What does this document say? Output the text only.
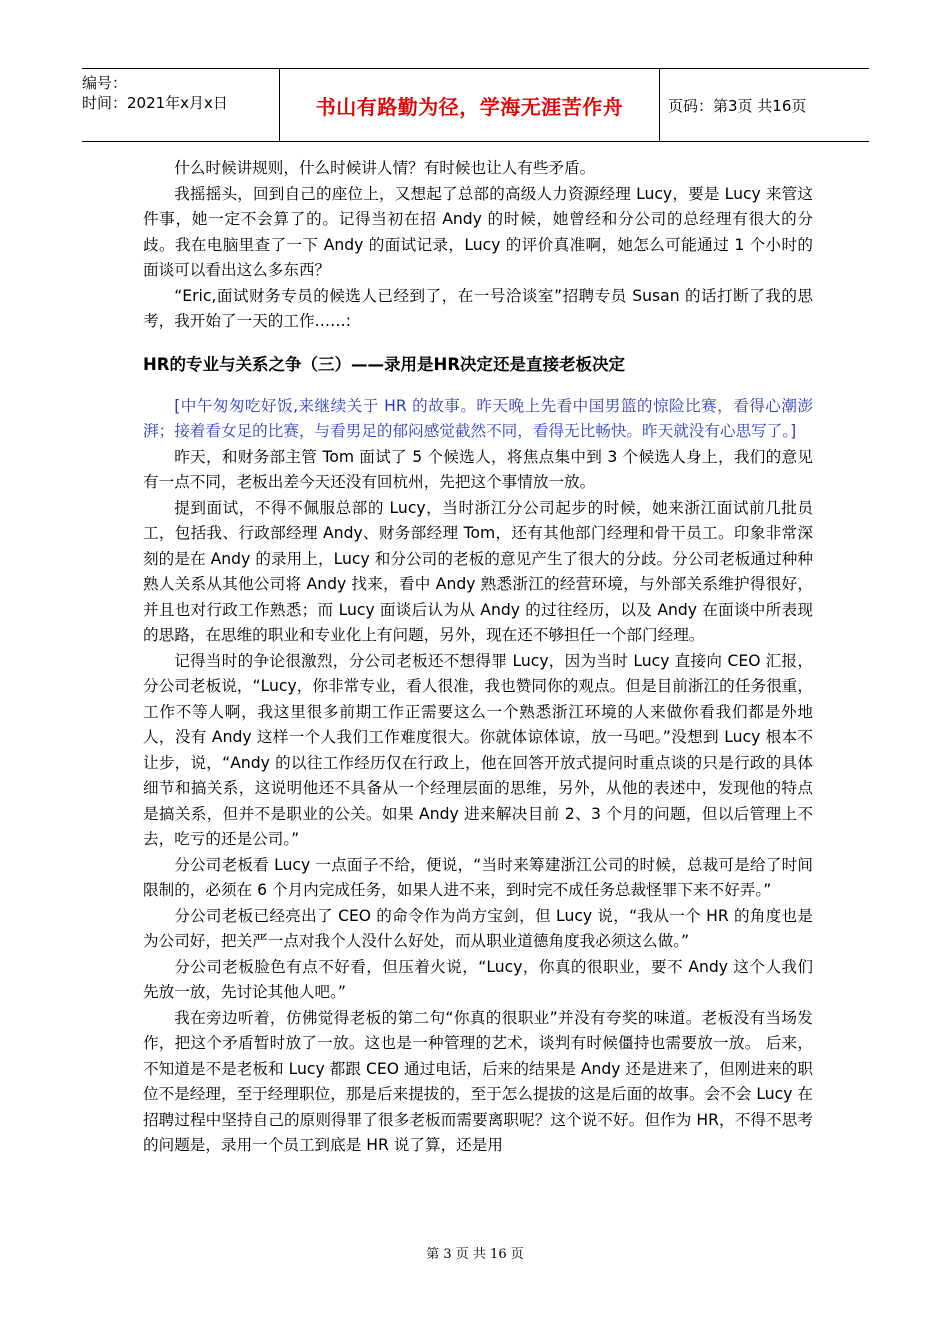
编号：
时间：2021年x月x日	书山有路勤为径，学海无涯苦作舟	页码：第3页 共16页

什么时候讲规则，什么时候讲人情？有时候也让人有些矛盾。

我摇摇头，回到自己的座位上，又想起了总部的高级人力资源经理 Lucy，要是 Lucy 来管这件事，她一定不会算了的。记得当初在招 Andy 的时候，她曾经和分公司的总经理有很大的分歧。我在电脑里查了一下 Andy 的面试记录，Lucy 的评价真准啊，她怎么可能通过 1 个小时的面谈可以看出这么多东西？

“Eric,面试财务专员的候选人已经到了，在一号洽谈室”招聘专员 Susan 的话打断了我的思考，我开始了一天的工作……:

HR的专业与关系之争（三）——录用是HR决定还是直接老板决定

[中午匆匆吃好饭,来继续关于 HR 的故事。昨天晚上先看中国男篮的惊险比赛，看得心潮澎湃；接着看女足的比赛，与看男足的郁闷感觉截然不同，看得无比畅快。昨天就没有心思写了。]

昨天，和财务部主管 Tom 面试了 5 个候选人，将焦点集中到 3 个候选人身上，我们的意见有一点不同，老板出差今天还没有回杭州，先把这个事情放一放。

提到面试，不得不佩服总部的 Lucy，当时浙江分公司起步的时候，她来浙江面试前几批员工，包括我、行政部经理 Andy、财务部经理 Tom，还有其他部门经理和骨干员工。印象非常深刻的是在 Andy 的录用上，Lucy 和分公司的老板的意见产生了很大的分歧。分公司老板通过种种熟人关系从其他公司将 Andy 找来，看中 Andy 熟悉浙江的经营环境，与外部关系维护得很好，并且也对行政工作熟悉；而 Lucy 面谈后认为从 Andy 的过往经历，以及 Andy 在面谈中所表现的思路，在思维的职业和专业化上有问题，另外，现在还不够担任一个部门经理。

记得当时的争论很激烈，分公司老板还不想得罪 Lucy，因为当时 Lucy 直接向 CEO 汇报，分公司老板说，“Lucy，你非常专业，看人很准，我也赞同你的观点。但是目前浙江的任务很重，工作不等人啊，我这里很多前期工作正需要这么一个熟悉浙江环境的人来做你看我们都是外地人，没有 Andy 这样一个人我们工作难度很大。你就体谅体谅，放一马吧。”没想到 Lucy 根本不让步，说，“Andy 的以往工作经历仅在行政上，他在回答开放式提问时重点谈的只是行政的具体细节和搞关系，这说明他还不具备从一个经理层面的思维，另外，从他的表述中，发现他的特点是搞关系，但并不是职业的公关。如果 Andy 进来解决目前 2、3 个月的问题，但以后管理上不去，吃亏的还是公司。”

分公司老板看 Lucy 一点面子不给，便说，“当时来筹建浙江公司的时候，总裁可是给了时间限制的，必须在 6 个月内完成任务，如果人进不来，到时完不成任务总裁怪罪下来不好弄。”

分公司老板已经亮出了 CEO 的命令作为尚方宝剑，但 Lucy 说，“我从一个 HR 的角度也是为公司好，把关严一点对我个人没什么好处，而从职业道德角度我必须这么做。”

分公司老板脸色有点不好看，但压着火说，“Lucy，你真的很职业，要不 Andy 这个人我们先放一放，先讨论其他人吧。”

我在旁边听着，仿佛觉得老板的第二句“你真的很职业”并没有夸奖的味道。老板没有当场发作，把这个矛盾暂时放了一放。这也是一种管理的艺术，谈判有时候僵持也需要放一放。 后来，不知道是不是老板和 Lucy 都跟 CEO 通过电话，后来的结果是 Andy 还是进来了，但刚进来的职位不是经理，至于经理职位，那是后来提拔的，至于怎么提拔的这是后面的故事。会不会 Lucy 在招聘过程中坚持自己的原则得罪了很多老板而需要离职呢？这个说不好。但作为 HR，不得不思考的问题是，录用一个员工到底是 HR 说了算，还是用

第 3 页 共 16 页
